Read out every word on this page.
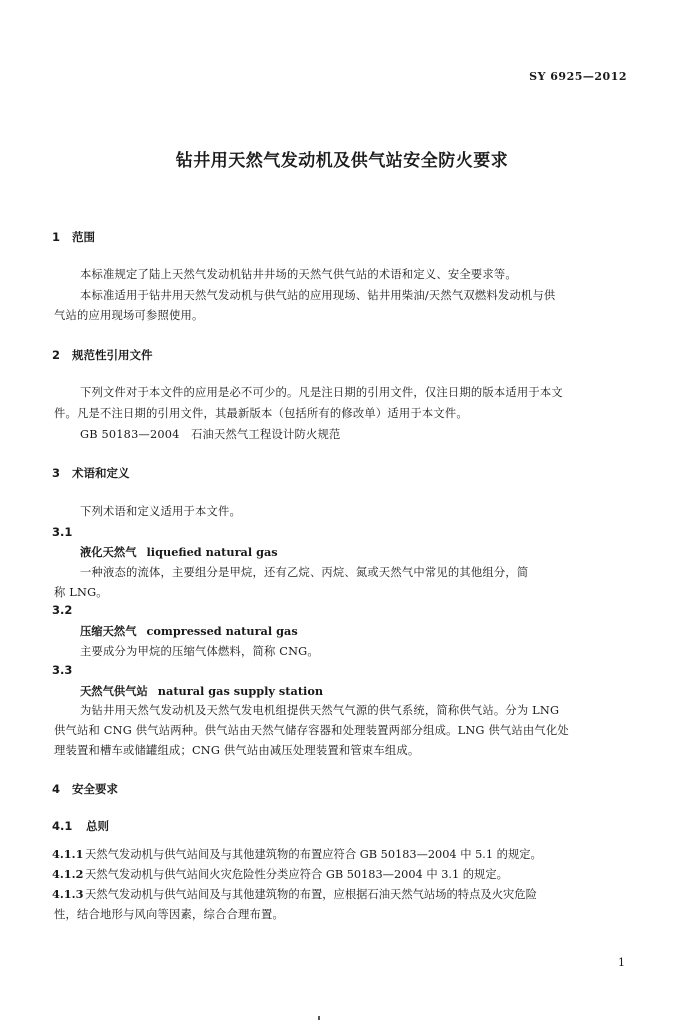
SY 6925—2012
钻井用天然气发动机及供气站安全防火要求
1 范围
本标准规定了陆上天然气发动机钻井井场的天然气供气站的术语和定义、安全要求等。
本标准适用于钻井用天然气发动机与供气站的应用现场、钻井用柴油/天然气双燃料发动机与供
气站的应用现场可参照使用。
2 规范性引用文件
下列文件对于本文件的应用是必不可少的。凡是注日期的引用文件，仅注日期的版本适用于本文
件。凡是不注日期的引用文件，其最新版本（包括所有的修改单）适用于本文件。
GB 50183—2004　石油天然气工程设计防火规范
3 术语和定义
下列术语和定义适用于本文件。
3.1
液化天然气 liquefied natural gas
一种液态的流体，主要组分是甲烷，还有乙烷、丙烷、氮或天然气中常见的其他组分，简
称 LNG。
3.2
压缩天然气 compressed natural gas
主要成分为甲烷的压缩气体燃料，简称 CNG。
3.3
天然气供气站 natural gas supply station
为钻井用天然气发动机及天然气发电机组提供天然气气源的供气系统，简称供气站。分为 LNG
供气站和 CNG 供气站两种。供气站由天然气储存容器和处理装置两部分组成。LNG 供气站由气化处
理装置和槽车或储罐组成；CNG 供气站由减压处理装置和管束车组成。
4 安全要求
4.1 总则
4.1.1 天然气发动机与供气站间及与其他建筑物的布置应符合 GB 50183—2004 中 5.1 的规定。
4.1.2 天然气发动机与供气站间火灾危险性分类应符合 GB 50183—2004 中 3.1 的规定。
4.1.3 天然气发动机与供气站间及与其他建筑物的布置，应根据石油天然气站场的特点及火灾危险
性，结合地形与风向等因素，综合合理布置。
1
